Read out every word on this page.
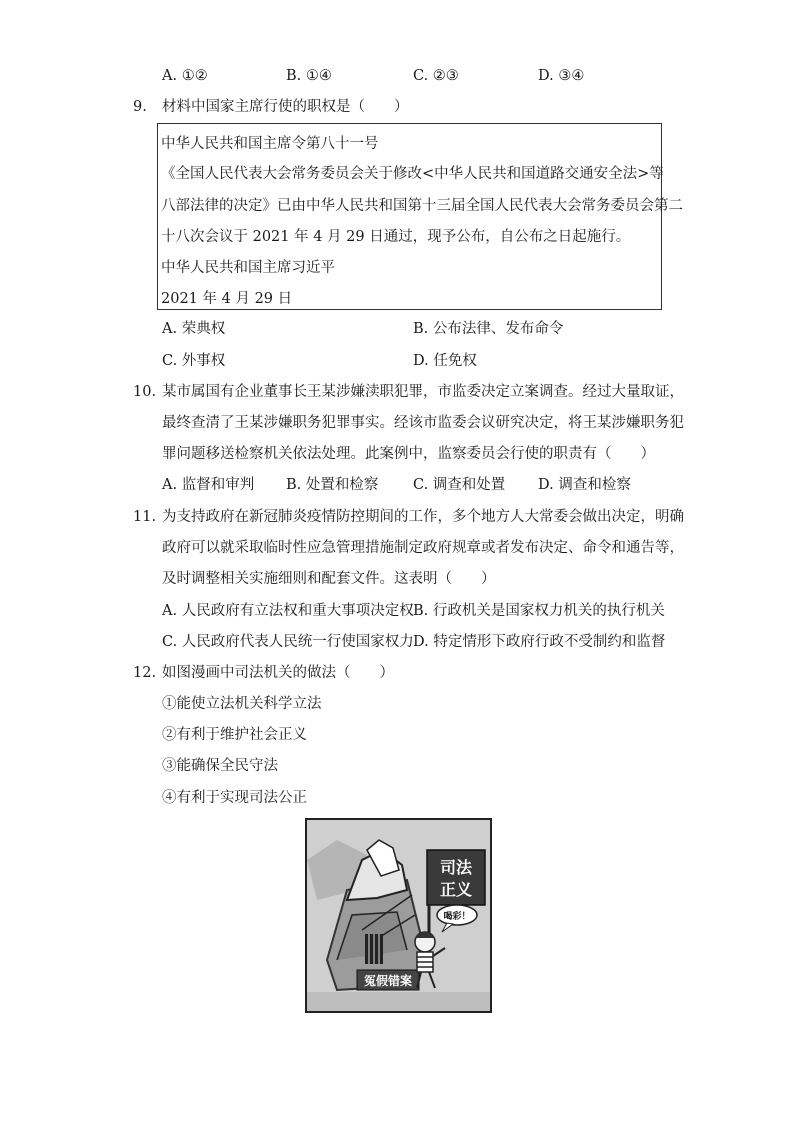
A. ①②	B. ①④	C. ②③	D. ③④
9. 材料中国家主席行使的职权是（　　）
中华人民共和国主席令第八十一号
《全国人民代表大会常务委员会关于修改<中华人民共和国道路交通安全法>等
八部法律的决定》已由中华人民共和国第十三届全国人民代表大会常务委员会第二
十八次会议于 2021 年 4 月 29 日通过，现予公布，自公布之日起施行。
中华人民共和国主席习近平
2021 年 4 月 29 日
A. 荣典权	B. 公布法律、发布命令
C. 外事权	D. 任免权
10. 某市属国有企业董事长王某涉嫌渎职犯罪，市监委决定立案调查。经过大量取证，
最终查清了王某涉嫌职务犯罪事实。经该市监委会议研究决定，将王某涉嫌职务犯
罪问题移送检察机关依法处理。此案例中，监察委员会行使的职责有（　　）
A. 监督和审判 B. 处置和检察 C. 调查和处置 D. 调查和检察
11. 为支持政府在新冠肺炎疫情防控期间的工作，多个地方人大常委会做出决定，明确
政府可以就采取临时性应急管理措施制定政府规章或者发布决定、命令和通告等，
及时调整相关实施细则和配套文件。这表明（　　）
A. 人民政府有立法权和重大事项决定权 B. 行政机关是国家权力机关的执行机关
C. 人民政府代表人民统一行使国家权力 D. 特定情形下政府行政不受制约和监督
12. 如图漫画中司法机关的做法（　　）
①能使立法机关科学立法
②有利于维护社会正义
③能确保全民守法
④有利于实现司法公正
冤假错案
司法
正义
喝彩！
